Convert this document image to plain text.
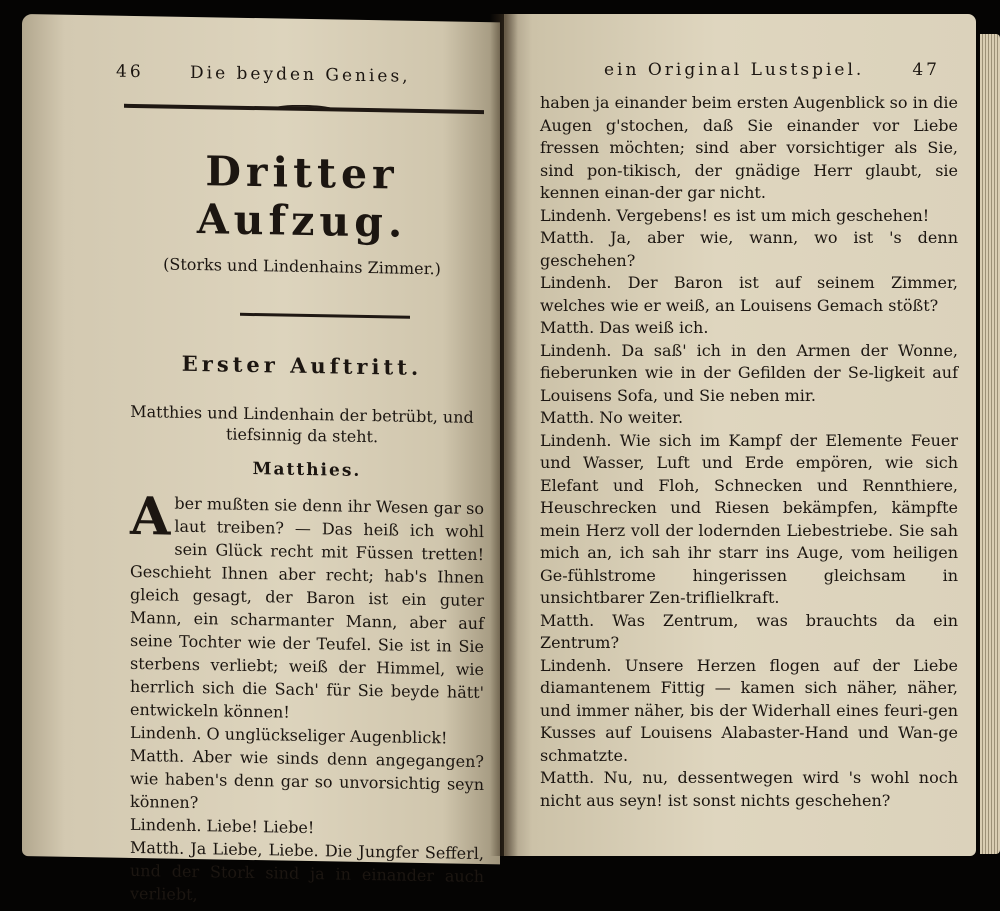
46	Die beyden Genies,
Dritter Aufzug.
(Storks und Lindenhains Zimmer.)
Erster Auftritt.
Matthies und Lindenhain der betrübt, und tiefsinnig da steht.
Matthies.

Aber mußten sie denn ihr Wesen gar so laut treiben? — Das heiß ich wohl sein Glück recht mit Füssen tretten! Geschieht Ihnen aber recht; hab's Ihnen gleich gesagt, der Baron ist ein guter Mann, ein scharmanter Mann, aber auf seine Tochter wie der Teufel. Sie ist in Sie sterbens verliebt; weiß der Himmel, wie herrlich sich die Sach' für Sie beyde hätt' entwickeln können!

Lindenh. O unglückseliger Augenblick!

Matth. Aber wie sinds denn angegangen? wie haben's denn gar so unvorsichtig seyn können?

Lindenh. Liebe! Liebe!

Matth. Ja Liebe, Liebe. Die Jungfer Sefferl, und der Stork sind ja in einander auch verliebt,

ein Original Lustspiel.	47

haben ja einander beim ersten Augenblick so in die Augen g'stochen, daß Sie einander vor Liebe fressen möchten; sind aber vorsichtiger als Sie, sind pon-tikisch, der gnädige Herr glaubt, sie kennen einan-der gar nicht.

Lindenh. Vergebens! es ist um mich geschehen!

Matth. Ja, aber wie, wann, wo ist 's denn geschehen?

Lindenh. Der Baron ist auf seinem Zimmer, welches wie er weiß, an Louisens Gemach stößt?

Matth. Das weiß ich.

Lindenh. Da saß' ich in den Armen der Wonne, fieberunken wie in der Gefilden der Se-ligkeit auf Louisens Sofa, und Sie neben mir.

Matth. No weiter.

Lindenh. Wie sich im Kampf der Elemente Feuer und Wasser, Luft und Erde empören, wie sich Elefant und Floh, Schnecken und Rennthiere, Heuschrecken und Riesen bekämpfen, kämpfte mein Herz voll der lodernden Liebestriebe. Sie sah mich an, ich sah ihr starr ins Auge, vom heiligen Ge-fühlstrome hingerissen gleichsam in unsichtbarer Zen-triflielkraft.

Matth. Was Zentrum, was brauchts da ein Zentrum?

Lindenh. Unsere Herzen flogen auf der Liebe diamantenem Fittig — kamen sich näher, näher, und immer näher, bis der Widerhall eines feuri-gen Kusses auf Louisens Alabaster-Hand und Wan-ge schmatzte.

Matth. Nu, nu, dessentwegen wird 's wohl noch nicht aus seyn! ist sonst nichts geschehen?
